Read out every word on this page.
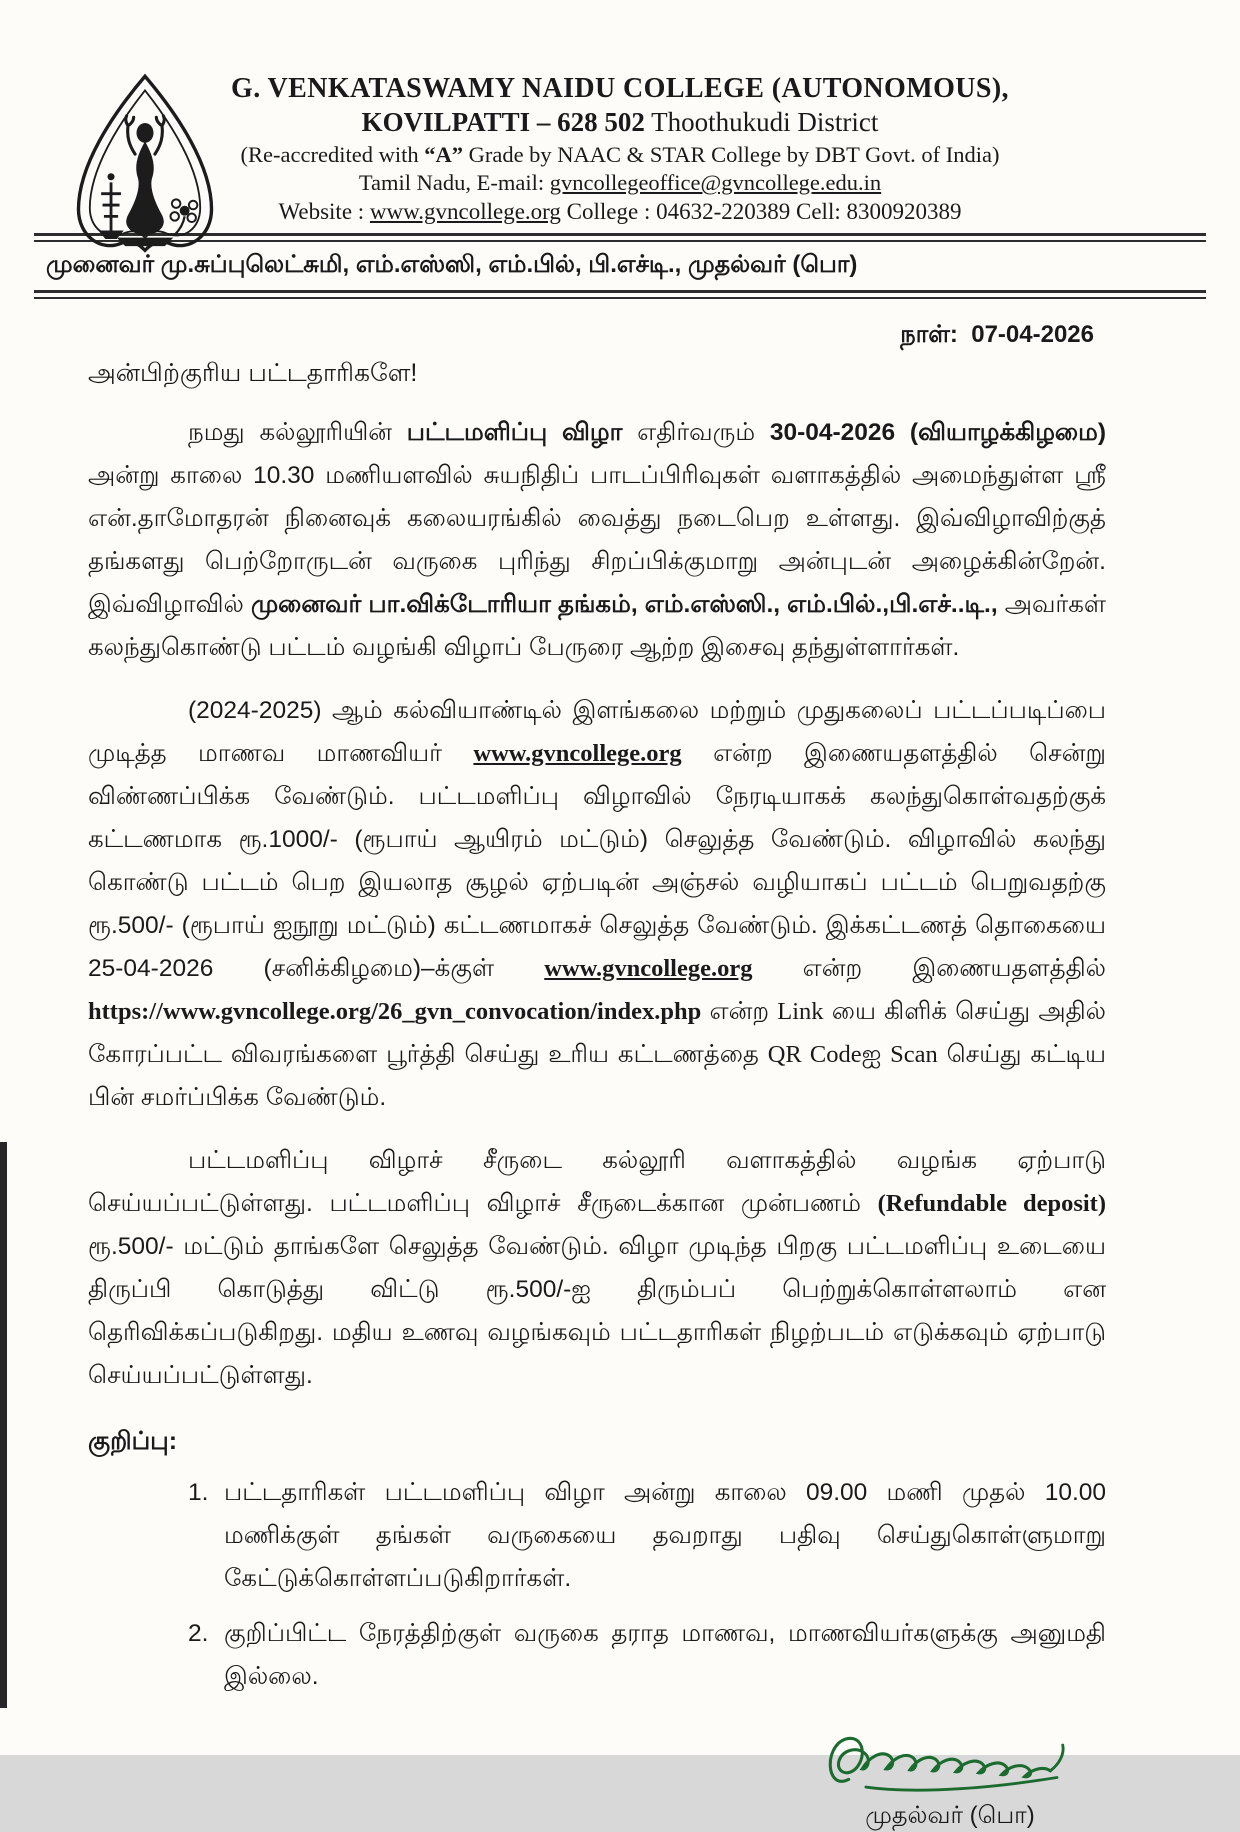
G. VENKATASWAMY NAIDU COLLEGE (AUTONOMOUS),
KOVILPATTI – 628 502 Thoothukudi District
(Re-accredited with “A” Grade by NAAC & STAR College by DBT Govt. of India)
Tamil Nadu, E-mail: gvncollegeoffice@gvncollege.edu.in
Website : www.gvncollege.org College : 04632-220389 Cell: 8300920389
முனைவர் மு.சுப்புலெட்சுமி, எம்.எஸ்ஸி, எம்.பில், பி.எச்டி., முதல்வர் (பொ)
நாள்: 07-04-2026
அன்பிற்குரிய பட்டதாரிகளே!

நமது கல்லூரியின் பட்டமளிப்பு விழா எதிர்வரும் 30-04-2026 (வியாழக்கிழமை) அன்று காலை 10.30 மணியளவில் சுயநிதிப் பாடப்பிரிவுகள் வளாகத்தில் அமைந்துள்ள ஸ்ரீ என்.தாமோதரன் நினைவுக் கலையரங்கில் வைத்து நடைபெற உள்ளது. இவ்விழாவிற்குத் தங்களது பெற்றோருடன் வருகை புரிந்து சிறப்பிக்குமாறு அன்புடன் அழைக்கின்றேன். இவ்விழாவில் முனைவர் பா.விக்டோரியா தங்கம், எம்.எஸ்ஸி., எம்.பில்.,பி.எச்..டி., அவர்கள் கலந்துகொண்டு பட்டம் வழங்கி விழாப் பேருரை ஆற்ற இசைவு தந்துள்ளார்கள்.

(2024-2025) ஆம் கல்வியாண்டில் இளங்கலை மற்றும் முதுகலைப் பட்டப்படிப்பை முடித்த மாணவ மாணவியர் www.gvncollege.org என்ற இணையதளத்தில் சென்று விண்ணப்பிக்க வேண்டும். பட்டமளிப்பு விழாவில் நேரடியாகக் கலந்துகொள்வதற்குக் கட்டணமாக ரூ.1000/- (ரூபாய் ஆயிரம் மட்டும்) செலுத்த வேண்டும். விழாவில் கலந்து கொண்டு பட்டம் பெற இயலாத சூழல் ஏற்படின் அஞ்சல் வழியாகப் பட்டம் பெறுவதற்கு ரூ.500/- (ரூபாய் ஐநூறு மட்டும்) கட்டணமாகச் செலுத்த வேண்டும். இக்கட்டணத் தொகையை 25-04-2026 (சனிக்கிழமை)–க்குள் www.gvncollege.org என்ற இணையதளத்தில் https://www.gvncollege.org/26_gvn_convocation/index.php என்ற Link யை கிளிக் செய்து அதில் கோரப்பட்ட விவரங்களை பூர்த்தி செய்து உரிய கட்டணத்தை QR Codeஐ Scan செய்து கட்டிய பின் சமர்ப்பிக்க வேண்டும்.

பட்டமளிப்பு விழாச் சீருடை கல்லூரி வளாகத்தில் வழங்க ஏற்பாடு செய்யப்பட்டுள்ளது. பட்டமளிப்பு விழாச் சீருடைக்கான முன்பணம் (Refundable deposit) ரூ.500/- மட்டும் தாங்களே செலுத்த வேண்டும். விழா முடிந்த பிறகு பட்டமளிப்பு உடையை திருப்பி கொடுத்து விட்டு ரூ.500/-ஐ திரும்பப் பெற்றுக்கொள்ளலாம் என தெரிவிக்கப்படுகிறது. மதிய உணவு வழங்கவும் பட்டதாரிகள் நிழற்படம் எடுக்கவும் ஏற்பாடு செய்யப்பட்டுள்ளது.

குறிப்பு:
1. பட்டதாரிகள் பட்டமளிப்பு விழா அன்று காலை 09.00 மணி முதல் 10.00 மணிக்குள் தங்கள் வருகையை தவறாது பதிவு செய்துகொள்ளுமாறு கேட்டுக்கொள்ளப்படுகிறார்கள்.
2. குறிப்பிட்ட நேரத்திற்குள் வருகை தராத மாணவ, மாணவியர்களுக்கு அனுமதி இல்லை.
முதல்வர் (பொ)
